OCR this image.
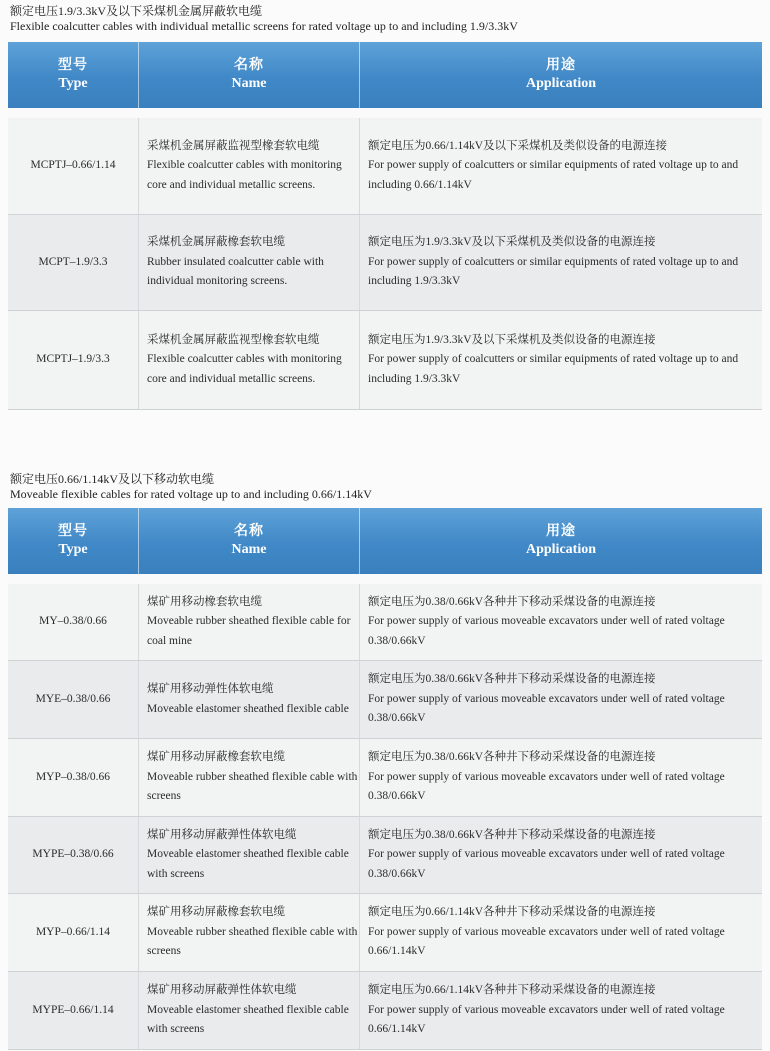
额定电压1.9/3.3kV及以下采煤机金属屏蔽软电缆
Flexible coalcutter cables with individual metallic screens for rated voltage up to and including 1.9/3.3kV
型号
Type
名称
Name
用途
Application
MCPTJ–0.66/1.14
采煤机金属屏蔽监视型橡套软电缆
Flexible coalcutter cables with monitoring core and individual metallic screens.
额定电压为0.66/1.14kV及以下采煤机及类似设备的电源连接
For power supply of coalcutters or similar equipments of rated voltage up to and including 0.66/1.14kV
MCPT–1.9/3.3
采煤机金属屏蔽橡套软电缆
Rubber insulated coalcutter cable with individual monitoring screens.
额定电压为1.9/3.3kV及以下采煤机及类似设备的电源连接
For power supply of coalcutters or similar equipments of rated voltage up to and including 1.9/3.3kV
MCPTJ–1.9/3.3
采煤机金属屏蔽监视型橡套软电缆
Flexible coalcutter cables with monitoring core and individual metallic screens.
额定电压为1.9/3.3kV及以下采煤机及类似设备的电源连接
For power supply of coalcutters or similar equipments of rated voltage up to and including 1.9/3.3kV
额定电压0.66/1.14kV及以下移动软电缆
Moveable flexible cables for rated voltage up to and including 0.66/1.14kV
型号
Type
名称
Name
用途
Application
MY–0.38/0.66
煤矿用移动橡套软电缆
Moveable rubber sheathed flexible cable for coal mine
额定电压为0.38/0.66kV各种井下移动采煤设备的电源连接
For power supply of various moveable excavators under well of rated voltage 0.38/0.66kV
MYE–0.38/0.66
煤矿用移动弹性体软电缆
Moveable elastomer sheathed flexible cable
额定电压为0.38/0.66kV各种井下移动采煤设备的电源连接
For power supply of various moveable excavators under well of rated voltage 0.38/0.66kV
MYP–0.38/0.66
煤矿用移动屏蔽橡套软电缆
Moveable rubber sheathed flexible cable with screens
额定电压为0.38/0.66kV各种井下移动采煤设备的电源连接
For power supply of various moveable excavators under well of rated voltage 0.38/0.66kV
MYPE–0.38/0.66
煤矿用移动屏蔽弹性体软电缆
Moveable elastomer sheathed flexible cable with screens
额定电压为0.38/0.66kV各种井下移动采煤设备的电源连接
For power supply of various moveable excavators under well of rated voltage 0.38/0.66kV
MYP–0.66/1.14
煤矿用移动屏蔽橡套软电缆
Moveable rubber sheathed flexible cable with screens
额定电压为0.66/1.14kV各种井下移动采煤设备的电源连接
For power supply of various moveable excavators under well of rated voltage 0.66/1.14kV
MYPE–0.66/1.14
煤矿用移动屏蔽弹性体软电缆
Moveable elastomer sheathed flexible cable with screens
额定电压为0.66/1.14kV各种井下移动采煤设备的电源连接
For power supply of various moveable excavators under well of rated voltage 0.66/1.14kV
